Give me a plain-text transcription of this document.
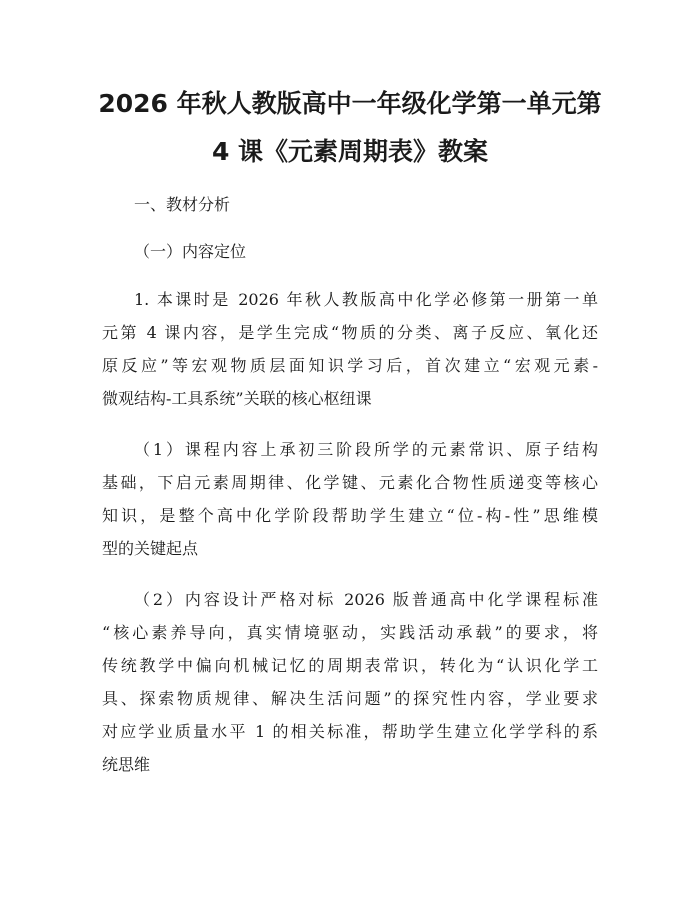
2026 年秋人教版高中一年级化学第一单元第
4 课《元素周期表》教案

一、教材分析

（一）内容定位

1. 本课时是 2026 年秋人教版高中化学必修第一册第一单

元第 4 课内容，是学生完成“物质的分类、离子反应、氧化还

原反应”等宏观物质层面知识学习后，首次建立“宏观元素-

微观结构-工具系统”关联的核心枢纽课

（1）课程内容上承初三阶段所学的元素常识、原子结构

基础，下启元素周期律、化学键、元素化合物性质递变等核心

知识，是整个高中化学阶段帮助学生建立“位-构-性”思维模

型的关键起点

（2）内容设计严格对标 2026 版普通高中化学课程标准

“核心素养导向，真实情境驱动，实践活动承载”的要求，将

传统教学中偏向机械记忆的周期表常识，转化为“认识化学工

具、探索物质规律、解决生活问题”的探究性内容，学业要求

对应学业质量水平 1 的相关标准，帮助学生建立化学学科的系

统思维
